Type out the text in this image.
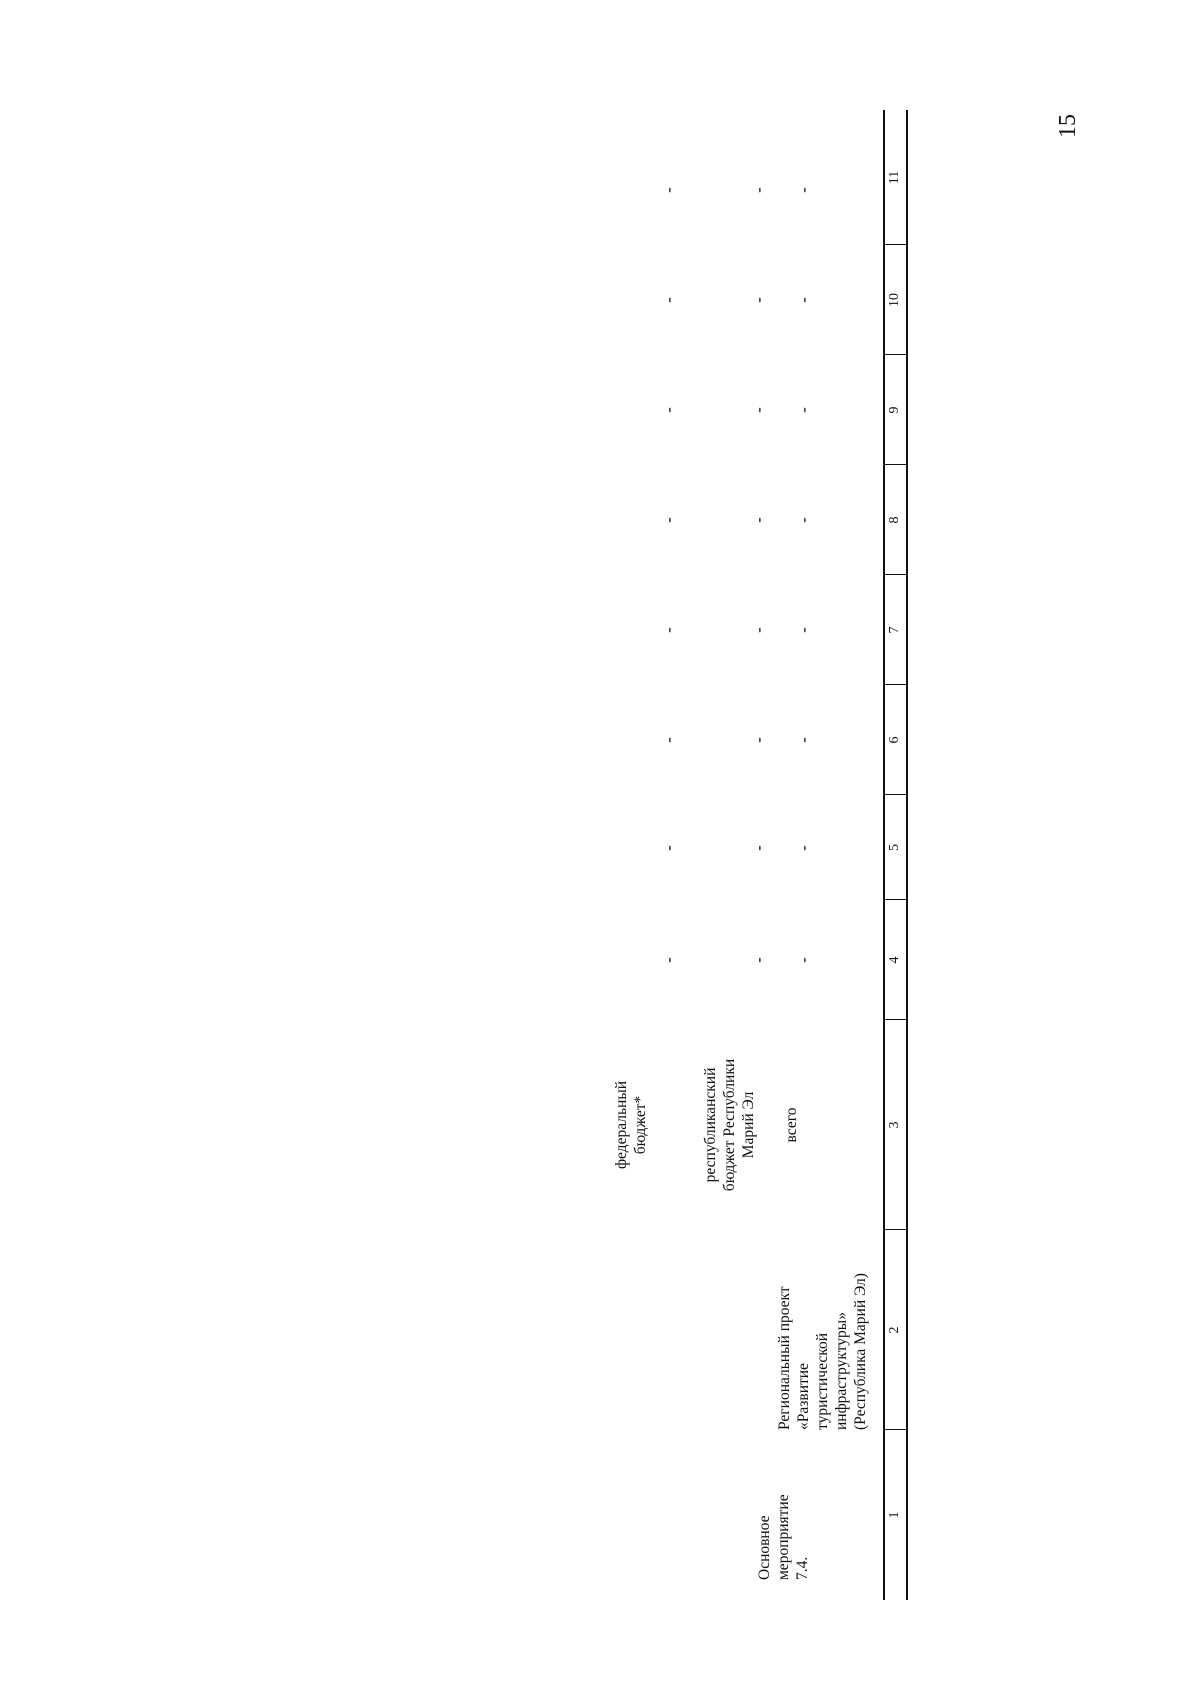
15
1
2
3
4
5
6
7
8
9
10
11
Основное мероприятие 7.4.
Региональный проект «Развитие туристической инфраструктуры» (Республика Марий Эл)
всего
республиканский бюджет Республики Марий Эл
федеральный бюджет*
-
-
-
-
-
-
-
-
-
-
-
-
-
-
-
-
-
-
-
-
-
-
-
-
